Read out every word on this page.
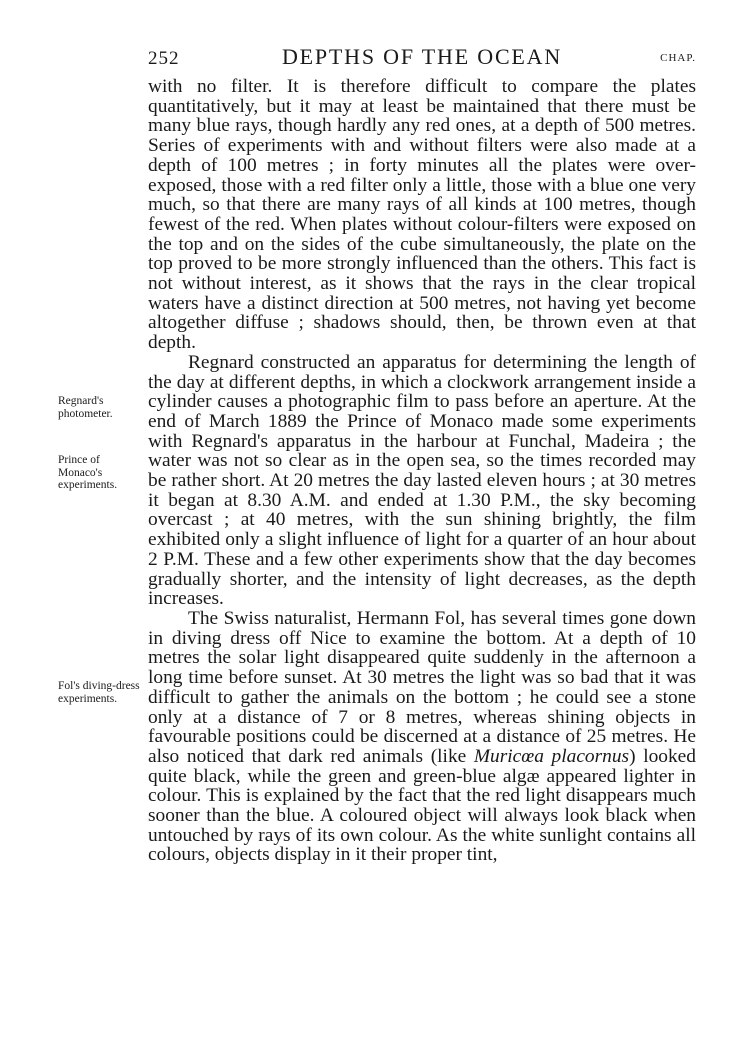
252	DEPTHS OF THE OCEAN	CHAP.
Regnard's photometer.
Prince of Monaco's experiments.
Fol's diving-dress experiments.

with no filter. It is therefore difficult to compare the plates quantitatively, but it may at least be maintained that there must be many blue rays, though hardly any red ones, at a depth of 500 metres. Series of experiments with and without filters were also made at a depth of 100 metres ; in forty minutes all the plates were over-exposed, those with a red filter only a little, those with a blue one very much, so that there are many rays of all kinds at 100 metres, though fewest of the red. When plates without colour-filters were exposed on the top and on the sides of the cube simultaneously, the plate on the top proved to be more strongly influenced than the others. This fact is not without interest, as it shows that the rays in the clear tropical waters have a distinct direction at 500 metres, not having yet become altogether diffuse ; shadows should, then, be thrown even at that depth.

Regnard constructed an apparatus for determining the length of the day at different depths, in which a clockwork arrangement inside a cylinder causes a photographic film to pass before an aperture. At the end of March 1889 the Prince of Monaco made some experiments with Regnard's apparatus in the harbour at Funchal, Madeira ; the water was not so clear as in the open sea, so the times recorded may be rather short. At 20 metres the day lasted eleven hours ; at 30 metres it began at 8.30 A.M. and ended at 1.30 P.M., the sky becoming overcast ; at 40 metres, with the sun shining brightly, the film exhibited only a slight influence of light for a quarter of an hour about 2 P.M. These and a few other experiments show that the day becomes gradually shorter, and the intensity of light decreases, as the depth increases.

The Swiss naturalist, Hermann Fol, has several times gone down in diving dress off Nice to examine the bottom. At a depth of 10 metres the solar light disappeared quite suddenly in the afternoon a long time before sunset. At 30 metres the light was so bad that it was difficult to gather the animals on the bottom ; he could see a stone only at a distance of 7 or 8 metres, whereas shining objects in favourable positions could be discerned at a distance of 25 metres. He also noticed that dark red animals (like Muricœa placornus) looked quite black, while the green and green-blue algæ appeared lighter in colour. This is explained by the fact that the red light disappears much sooner than the blue. A coloured object will always look black when untouched by rays of its own colour. As the white sunlight contains all colours, objects display in it their proper tint,
